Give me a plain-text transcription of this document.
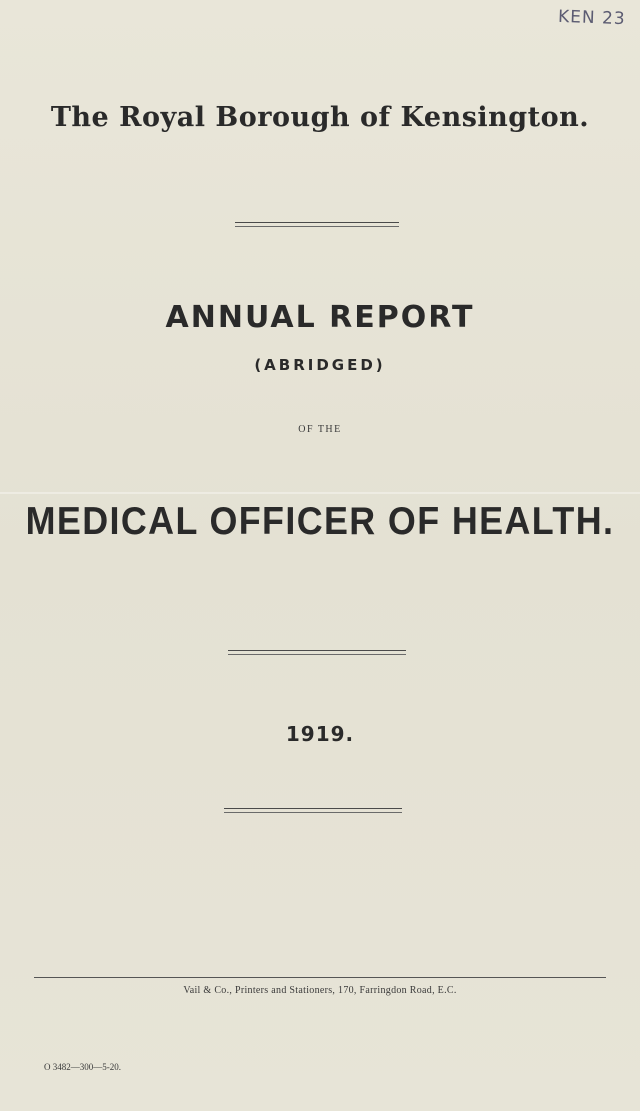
KEN 23
The Royal Borough of Kensington.
ANNUAL REPORT
(ABRIDGED)
OF THE
MEDICAL OFFICER OF HEALTH.
1919.
Vail & Co., Printers and Stationers, 170, Farringdon Road, E.C.
O 3482—300—5-20.
